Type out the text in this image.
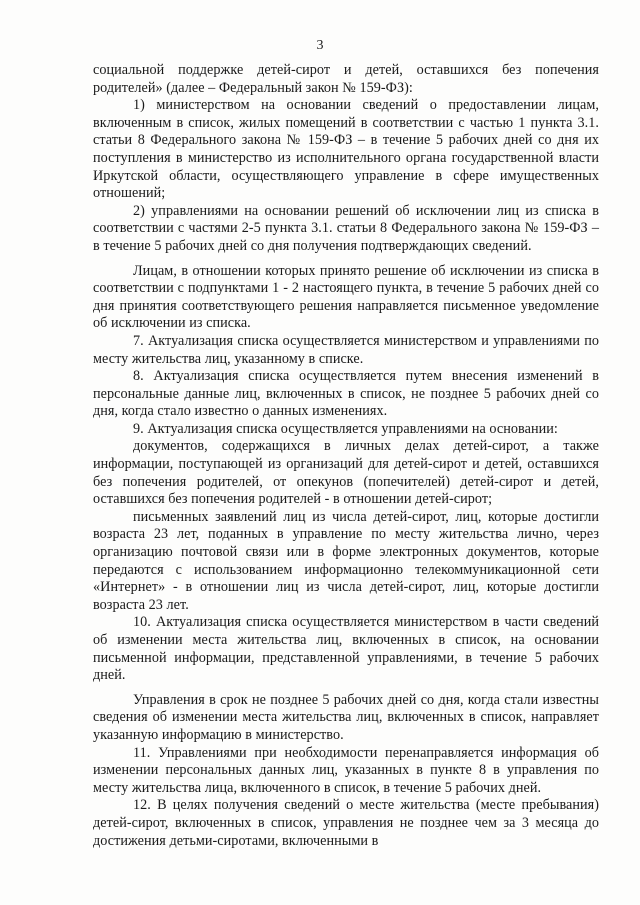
3

социальной поддержке детей-сирот и детей, оставшихся без попечения родителей» (далее – Федеральный закон № 159-ФЗ):

1) министерством на основании сведений о предоставлении лицам, включенным в список, жилых помещений в соответствии с частью 1 пункта 3.1. статьи 8 Федерального закона № 159-ФЗ – в течение 5 рабочих дней со дня их поступления в министерство из исполнительного органа государственной власти Иркутской области, осуществляющего управление в сфере имущественных отношений;

2) управлениями на основании решений об исключении лиц из списка в соответствии с частями 2-5 пункта 3.1. статьи 8 Федерального закона № 159-ФЗ – в течение 5 рабочих дней со дня получения подтверждающих сведений.

Лицам, в отношении которых принято решение об исключении из списка в соответствии с подпунктами 1 - 2 настоящего пункта, в течение 5 рабочих дней со дня принятия соответствующего решения направляется письменное уведомление об исключении из списка.

7. Актуализация списка осуществляется министерством и управлениями по месту жительства лиц, указанному в списке.

8. Актуализация списка осуществляется путем внесения изменений в персональные данные лиц, включенных в список, не позднее 5 рабочих дней со дня, когда стало известно о данных изменениях.

9. Актуализация списка осуществляется управлениями на основании:

документов, содержащихся в личных делах детей-сирот, а также информации, поступающей из организаций для детей-сирот и детей, оставшихся без попечения родителей, от опекунов (попечителей) детей-сирот и детей, оставшихся без попечения родителей - в отношении детей-сирот;

письменных заявлений лиц из числа детей-сирот, лиц, которые достигли возраста 23 лет, поданных в управление по месту жительства лично, через организацию почтовой связи или в форме электронных документов, которые передаются с использованием информационно телекоммуникационной сети «Интернет» - в отношении лиц из числа детей-сирот, лиц, которые достигли возраста 23 лет.

10. Актуализация списка осуществляется министерством в части сведений об изменении места жительства лиц, включенных в список, на основании письменной информации, представленной управлениями, в течение 5 рабочих дней.

Управления в срок не позднее 5 рабочих дней со дня, когда стали известны сведения об изменении места жительства лиц, включенных в список, направляет указанную информацию в министерство.

11. Управлениями при необходимости перенаправляется информация об изменении персональных данных лиц, указанных в пункте 8 в управления по месту жительства лица, включенного в список, в течение 5 рабочих дней.

12. В целях получения сведений о месте жительства (месте пребывания) детей-сирот, включенных в список, управления не позднее чем за 3 месяца до достижения детьми-сиротами, включенными в
